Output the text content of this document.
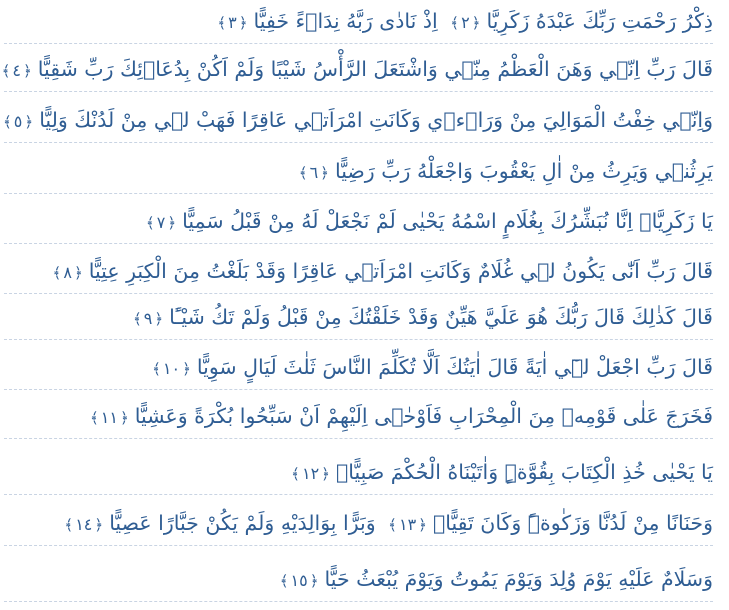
ذِكْرُ رَحْمَتِ رَبِّكَ عَبْدَهُ زَكَرِيَّا﴿٢﴾ اِذْ نَادٰى رَبَّهُ نِدَاۤءً خَفِيًّا﴿٣﴾
قَالَ رَبِّ اِنّ۪ي وَهَنَ الْعَظْمُ مِنّ۪ي وَاشْتَعَلَ الرَّأْسُ شَيْبًا وَلَمْ اَكُنْ بِدُعَاۤئِكَ رَبِّ شَقِيًّا﴿٤﴾
وَاِنّ۪ي خِفْتُ الْمَوَالِيَ مِنْ وَرَاۤء۪ي وَكَانَتِ امْرَاَت۪ي عَاقِرًا فَهَبْ ل۪ي مِنْ لَدُنْكَ وَلِيًّا﴿٥﴾
يَرِثُن۪ي وَيَرِثُ مِنْ اٰلِ يَعْقُوبَ وَاجْعَلْهُ رَبِّ رَضِيًّا﴿٦﴾
يَا زَكَرِيَّاۤ اِنَّا نُبَشِّرُكَ بِغُلَامٍ اسْمُهُ يَحْيٰى لَمْ نَجْعَلْ لَهُ مِنْ قَبْلُ سَمِيًّا﴿٧﴾
قَالَ رَبِّ اَنّٰى يَكُونُ ل۪ي غُلَامٌ وَكَانَتِ امْرَاَت۪ي عَاقِرًا وَقَدْ بَلَغْتُ مِنَ الْكِبَرِ عِتِيًّا﴿٨﴾
قَالَ كَذٰلِكَ قَالَ رَبُّكَ هُوَ عَلَيَّ هَيِّنٌ وَقَدْ خَلَقْتُكَ مِنْ قَبْلُ وَلَمْ تَكُ شَيْـًٔا﴿٩﴾
قَالَ رَبِّ اجْعَلْ ل۪ٓي اٰيَةً قَالَ اٰيَتُكَ اَلَّا تُكَلِّمَ النَّاسَ ثَلٰثَ لَيَالٍ سَوِيًّا﴿١٠﴾
فَخَرَجَ عَلٰى قَوْمِه۪ مِنَ الْمِحْرَابِ فَاَوْحٰۤى اِلَيْهِمْ اَنْ سَبِّحُوا بُكْرَةً وَعَشِيًّا﴿١١﴾
يَا يَحْيٰى خُذِ الْكِتَابَ بِقُوَّةٍۜ وَاٰتَيْنَاهُ الْحُكْمَ صَبِيًّاۙ﴿١٢﴾
وَحَنَانًا مِنْ لَدُنَّا وَزَكٰوةًۜ وَكَانَ تَقِيًّاۙ﴿١٣﴾ وَبَرًّا بِوَالِدَيْهِ وَلَمْ يَكُنْ جَبَّارًا عَصِيًّا﴿١٤﴾
وَسَلَامٌ عَلَيْهِ يَوْمَ وُلِدَ وَيَوْمَ يَمُوتُ وَيَوْمَ يُبْعَثُ حَيًّا﴿١٥﴾
